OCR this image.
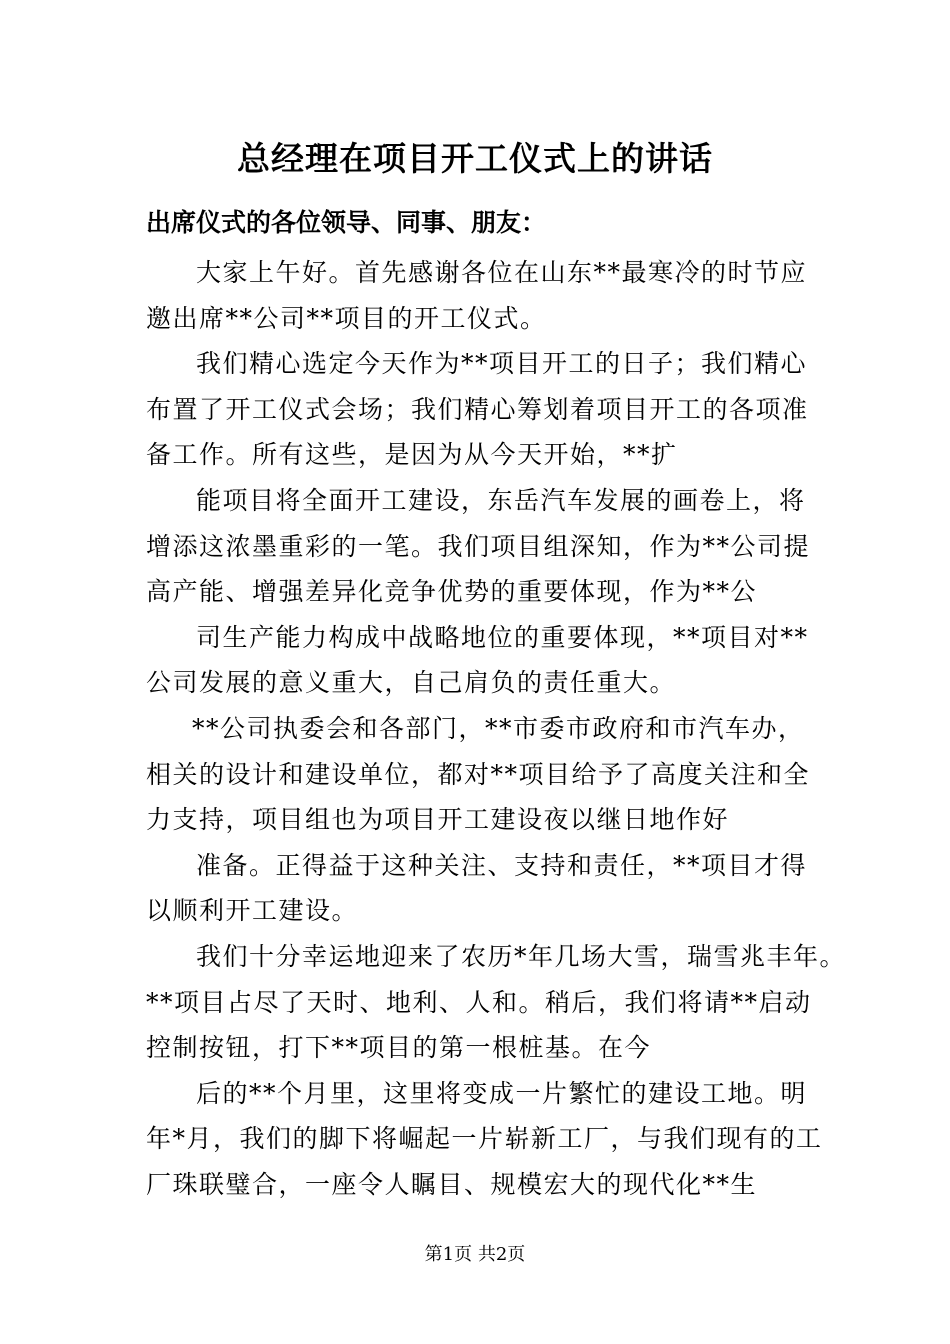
总经理在项目开工仪式上的讲话
出席仪式的各位领导、同事、朋友：
大家上午好。首先感谢各位在山东**最寒冷的时节应
邀出席**公司**项目的开工仪式。
我们精心选定今天作为**项目开工的日子；我们精心
布置了开工仪式会场；我们精心筹划着项目开工的各项准
备工作。所有这些，是因为从今天开始，**扩
能项目将全面开工建设，东岳汽车发展的画卷上，将
增添这浓墨重彩的一笔。我们项目组深知，作为**公司提
高产能、增强差异化竞争优势的重要体现，作为**公
司生产能力构成中战略地位的重要体现，**项目对**
公司发展的意义重大，自己肩负的责任重大。
**公司执委会和各部门，**市委市政府和市汽车办，
相关的设计和建设单位，都对**项目给予了高度关注和全
力支持，项目组也为项目开工建设夜以继日地作好
准备。正得益于这种关注、支持和责任，**项目才得
以顺利开工建设。
我们十分幸运地迎来了农历*年几场大雪，瑞雪兆丰年。
**项目占尽了天时、地利、人和。稍后，我们将请**启动
控制按钮，打下**项目的第一根桩基。在今
后的**个月里，这里将变成一片繁忙的建设工地。明
年*月，我们的脚下将崛起一片崭新工厂，与我们现有的工
厂珠联璧合，一座令人瞩目、规模宏大的现代化**生
第1页 共2页
